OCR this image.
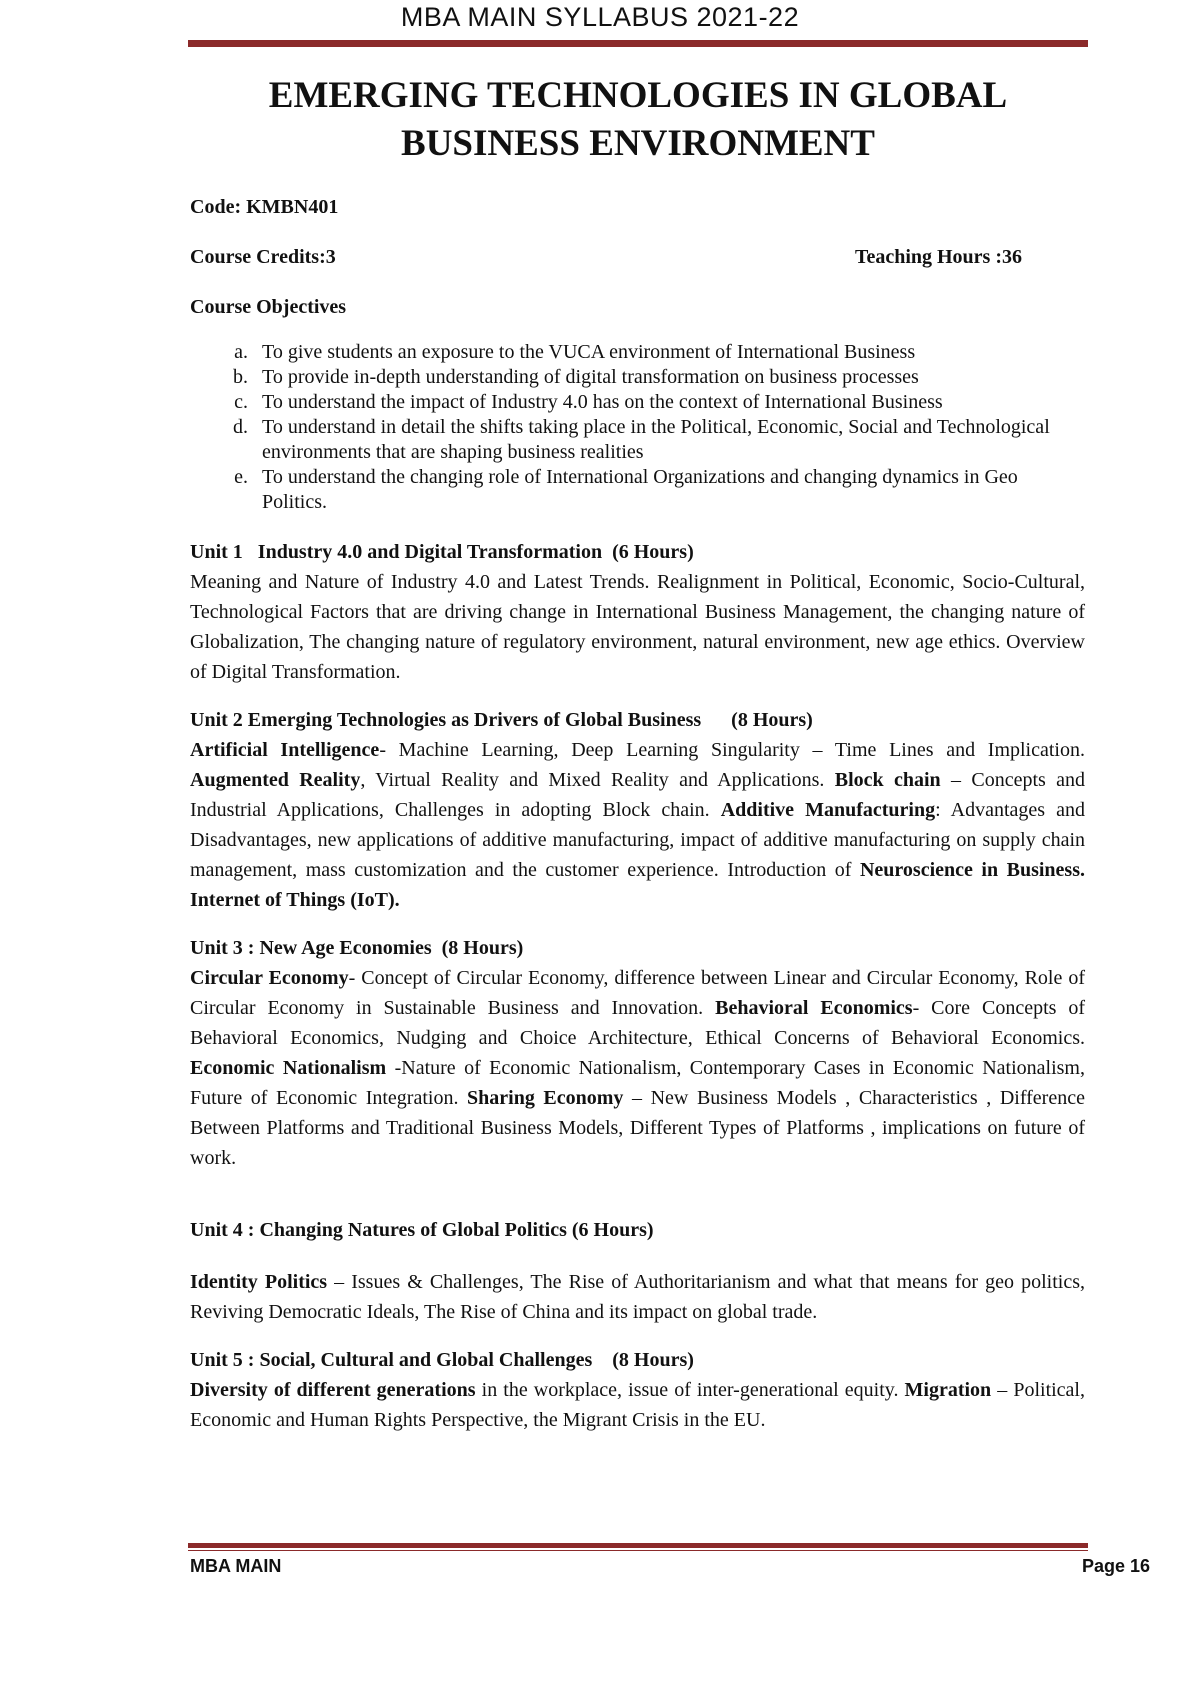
MBA MAIN SYLLABUS 2021-22
EMERGING TECHNOLOGIES IN GLOBAL
BUSINESS ENVIRONMENT
Code: KMBN401
Course Credits:3	Teaching Hours :36
Course Objectives
a. To give students an exposure to the VUCA environment of International Business
b. To provide in-depth understanding of digital transformation on business processes
c. To understand the impact of Industry 4.0 has on the context of International Business
d. To understand in detail the shifts taking place in the Political, Economic, Social and Technological environments that are shaping business realities
e. To understand the changing role of International Organizations and changing dynamics in Geo Politics.
Unit 1   Industry 4.0 and Digital Transformation  (6 Hours)
Meaning and Nature of Industry 4.0 and Latest Trends. Realignment in Political, Economic, Socio-Cultural, Technological Factors that are driving change in International Business Management, the changing nature of Globalization, The changing nature of regulatory environment, natural environment, new age ethics. Overview of Digital Transformation.
Unit 2 Emerging Technologies as Drivers of Global Business      (8 Hours)
Artificial Intelligence- Machine Learning, Deep Learning Singularity – Time Lines and Implication. Augmented Reality, Virtual Reality and Mixed Reality and Applications. Block chain – Concepts and Industrial Applications, Challenges in adopting Block chain. Additive Manufacturing: Advantages and Disadvantages, new applications of additive manufacturing, impact of additive manufacturing on supply chain management, mass customization and the customer experience. Introduction of Neuroscience in Business. Internet of Things (IoT).
Unit 3 : New Age Economies  (8 Hours)
Circular Economy- Concept of Circular Economy, difference between Linear and Circular Economy, Role of Circular Economy in Sustainable Business and Innovation. Behavioral Economics- Core Concepts of Behavioral Economics, Nudging and Choice Architecture, Ethical Concerns of Behavioral Economics. Economic Nationalism -Nature of Economic Nationalism, Contemporary Cases in Economic Nationalism, Future of Economic Integration. Sharing Economy – New Business Models , Characteristics , Difference Between Platforms and Traditional Business Models, Different Types of Platforms , implications on future of work.
Unit 4 : Changing Natures of Global Politics (6 Hours)
Identity Politics – Issues & Challenges, The Rise of Authoritarianism and what that means for geo politics, Reviving Democratic Ideals, The Rise of China and its impact on global trade.
Unit 5 : Social, Cultural and Global Challenges    (8 Hours)
Diversity of different generations in the workplace, issue of inter-generational equity. Migration – Political, Economic and Human Rights Perspective, the Migrant Crisis in the EU.
MBA MAIN	Page 16
